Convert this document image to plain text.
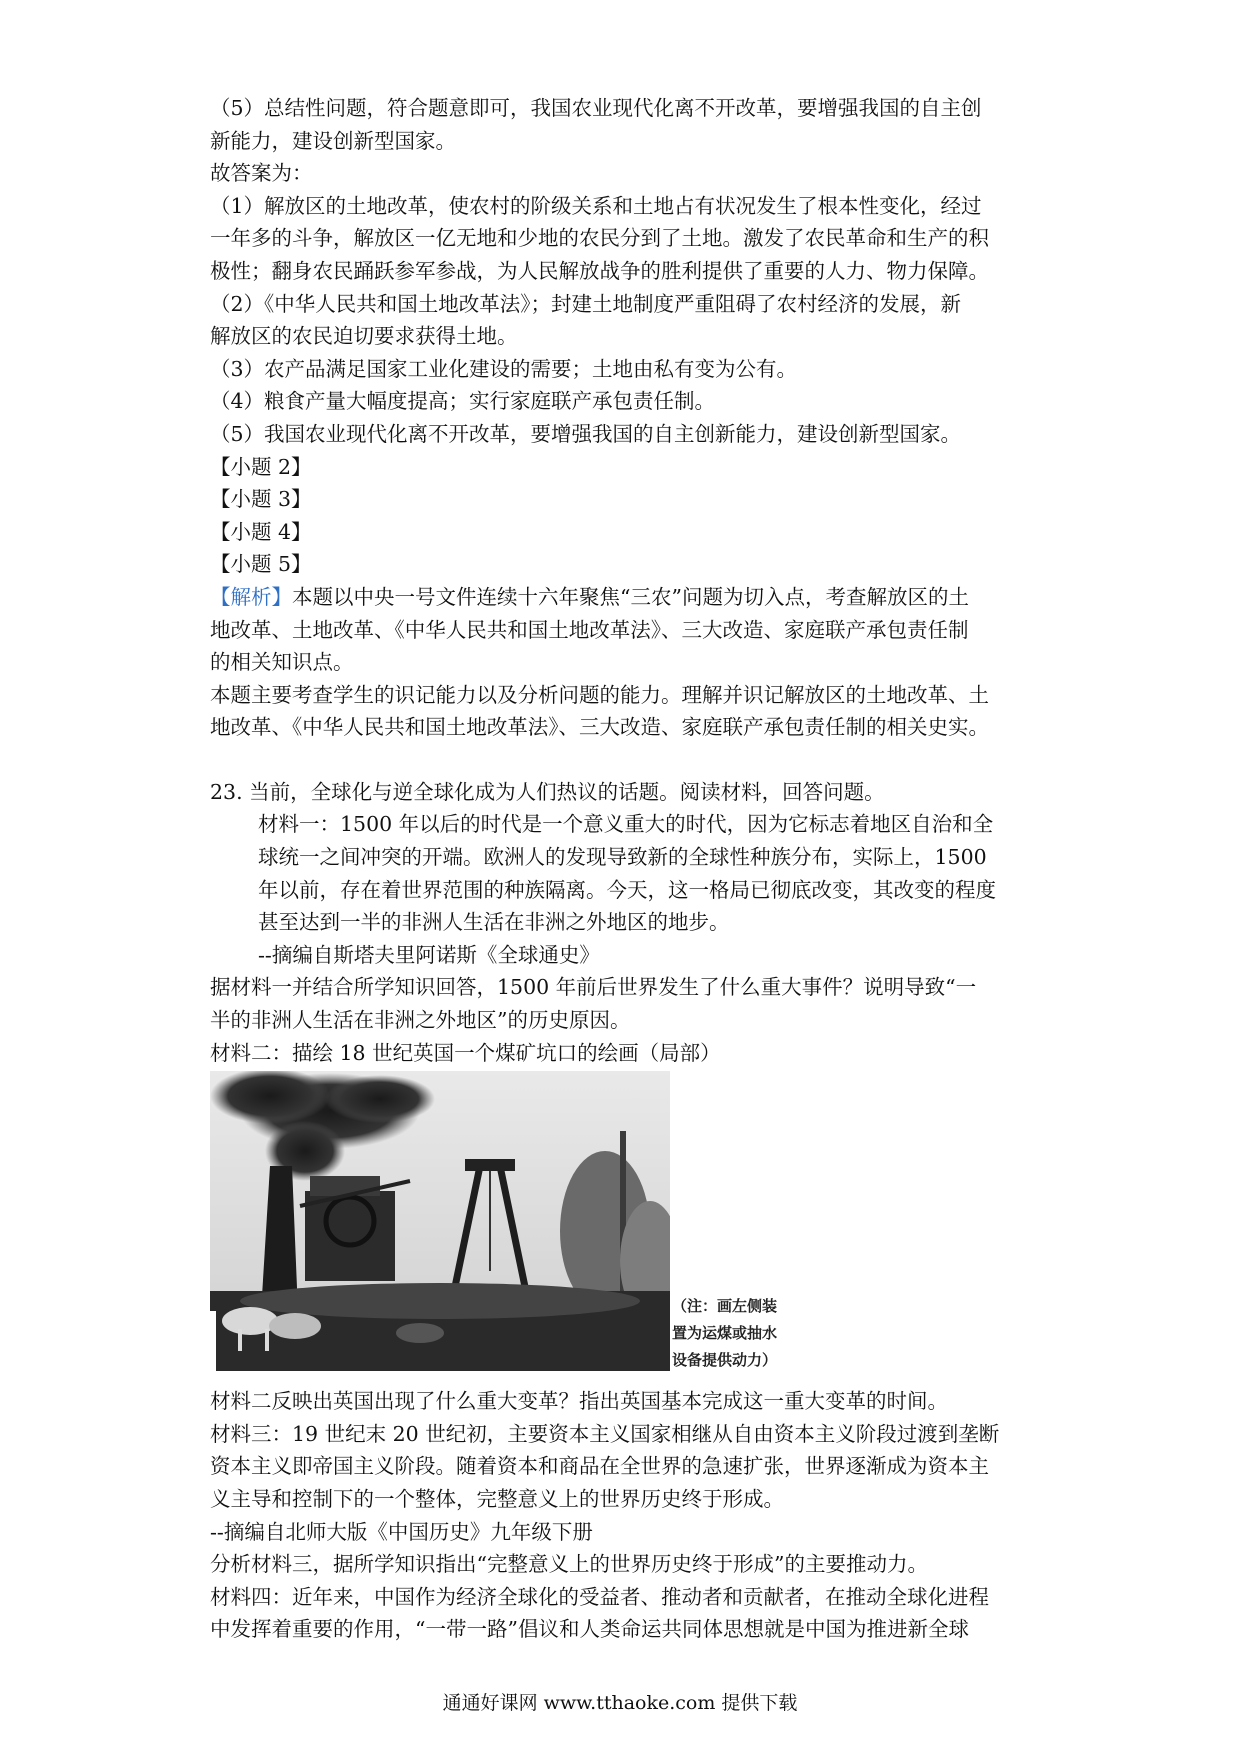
（5）总结性问题，符合题意即可，我国农业现代化离不开改革，要增强我国的自主创
新能力，建设创新型国家。
故答案为：
（1）解放区的土地改革，使农村的阶级关系和土地占有状况发生了根本性变化，经过
一年多的斗争，解放区一亿无地和少地的农民分到了土地。激发了农民革命和生产的积
极性；翻身农民踊跃参军参战，为人民解放战争的胜利提供了重要的人力、物力保障。
（2）《中华人民共和国土地改革法》；封建土地制度严重阻碍了农村经济的发展，新
解放区的农民迫切要求获得土地。
（3）农产品满足国家工业化建设的需要；土地由私有变为公有。
（4）粮食产量大幅度提高；实行家庭联产承包责任制。
（5）我国农业现代化离不开改革，要增强我国的自主创新能力，建设创新型国家。
【小题 2】
【小题 3】
【小题 4】
【小题 5】
【解析】本题以中央一号文件连续十六年聚焦“三农”问题为切入点，考查解放区的土
地改革、土地改革、《中华人民共和国土地改革法》、三大改造、家庭联产承包责任制
的相关知识点。
本题主要考查学生的识记能力以及分析问题的能力。理解并识记解放区的土地改革、土
地改革、《中华人民共和国土地改革法》、三大改造、家庭联产承包责任制的相关史实。
23. 当前，全球化与逆全球化成为人们热议的话题。阅读材料，回答问题。
材料一：1500 年以后的时代是一个意义重大的时代，因为它标志着地区自治和全
球统一之间冲突的开端。欧洲人的发现导致新的全球性种族分布，实际上，1500
年以前，存在着世界范围的种族隔离。今天，这一格局已彻底改变，其改变的程度
甚至达到一半的非洲人生活在非洲之外地区的地步。
--摘编自斯塔夫里阿诺斯《全球通史》
据材料一并结合所学知识回答，1500 年前后世界发生了什么重大事件？说明导致“一
半的非洲人生活在非洲之外地区”的历史原因。
材料二：描绘 18 世纪英国一个煤矿坑口的绘画（局部）
（注：画左侧装
置为运煤或抽水
设备提供动力）
材料二反映出英国出现了什么重大变革？指出英国基本完成这一重大变革的时间。
材料三：19 世纪末 20 世纪初，主要资本主义国家相继从自由资本主义阶段过渡到垄断
资本主义即帝国主义阶段。随着资本和商品在全世界的急速扩张，世界逐渐成为资本主
义主导和控制下的一个整体，完整意义上的世界历史终于形成。
--摘编自北师大版《中国历史》九年级下册
分析材料三，据所学知识指出“完整意义上的世界历史终于形成”的主要推动力。
材料四：近年来，中国作为经济全球化的受益者、推动者和贡献者，在推动全球化进程
中发挥着重要的作用，“一带一路”倡议和人类命运共同体思想就是中国为推进新全球
通通好课网 www.tthaoke.com 提供下载
